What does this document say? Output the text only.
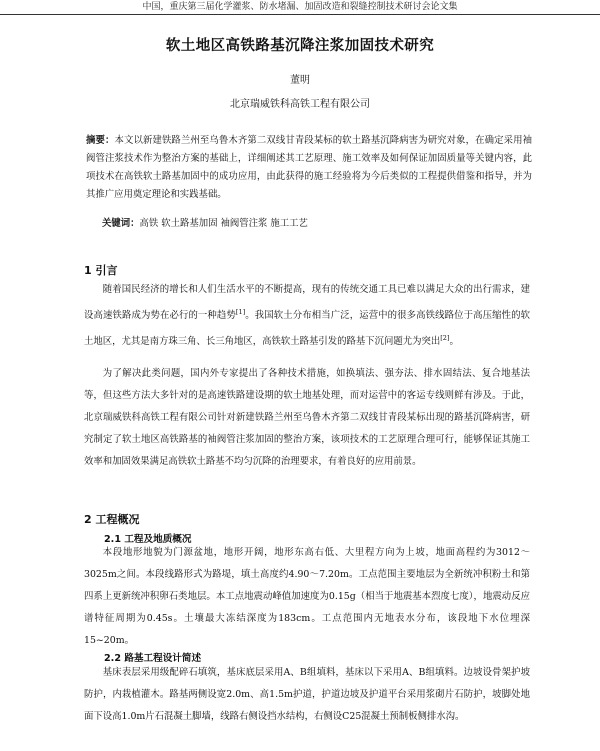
中国，重庆第三届化学灌浆、防水堵漏、加固改造和裂缝控制技术研讨会论文集
软土地区高铁路基沉降注浆加固技术研究
董明
北京瑞威铁科高铁工程有限公司
摘要：本文以新建铁路兰州至乌鲁木齐第二双线甘青段某标的软土路基沉降病害为研究对象，在确定采用袖阀管注浆技术作为整治方案的基础上，详细阐述其工艺原理、施工效率及如何保证加固质量等关键内容，此项技术在高铁软土路基加固中的成功应用，由此获得的施工经验将为今后类似的工程提供借鉴和指导，并为其推广应用奠定理论和实践基础。
关键词：高铁 软土路基加固 袖阀管注浆 施工工艺
1 引言
随着国民经济的增长和人们生活水平的不断提高，现有的传统交通工具已难以满足大众的出行需求，建设高速铁路成为势在必行的一种趋势[1]。我国软土分布相当广泛，运营中的很多高铁线路位于高压缩性的软土地区，尤其是南方珠三角、长三角地区，高铁软土路基引发的路基下沉问题尤为突出[2]。
为了解决此类问题，国内外专家提出了各种技术措施，如换填法、强夯法、排水固结法、复合地基法等，但这些方法大多针对的是高速铁路建设期的软土地基处理，而对运营中的客运专线则鲜有涉及。于此，北京瑞威铁科高铁工程有限公司针对新建铁路兰州至乌鲁木齐第二双线甘青段某标出现的路基沉降病害，研究制定了软土地区高铁路基的袖阀管注浆加固的整治方案，该项技术的工艺原理合理可行，能够保证其施工效率和加固效果满足高铁软土路基不均匀沉降的治理要求，有着良好的应用前景。
2 工程概况
2.1 工程及地质概况
本段地形地貌为门源盆地，地形开阔，地形东高右低、大里程方向为上坡，地面高程约为3012～3025m之间。本段线路形式为路堤，填土高度约4.90～7.20m。工点范围主要地层为全新统冲积粉土和第四系上更新统冲积卵石类地层。本工点地震动峰值加速度为0.15g（相当于地震基本烈度七度），地震动反应谱特征周期为0.45s。土壤最大冻结深度为183cm。工点范围内无地表水分布，该段地下水位埋深15~20m。
2.2 路基工程设计简述
基床表层采用级配碎石填筑，基床底层采用A、B组填料，基床以下采用A、B组填料。边坡设骨架护坡防护，内栽植灌木。路基两侧设宽2.0m、高1.5m护道，护道边坡及护道平台采用浆砌片石防护，坡脚处地面下设高1.0m片石混凝土脚墙，线路右侧设挡水结构，右侧设C25混凝土预制板侧排水沟。
